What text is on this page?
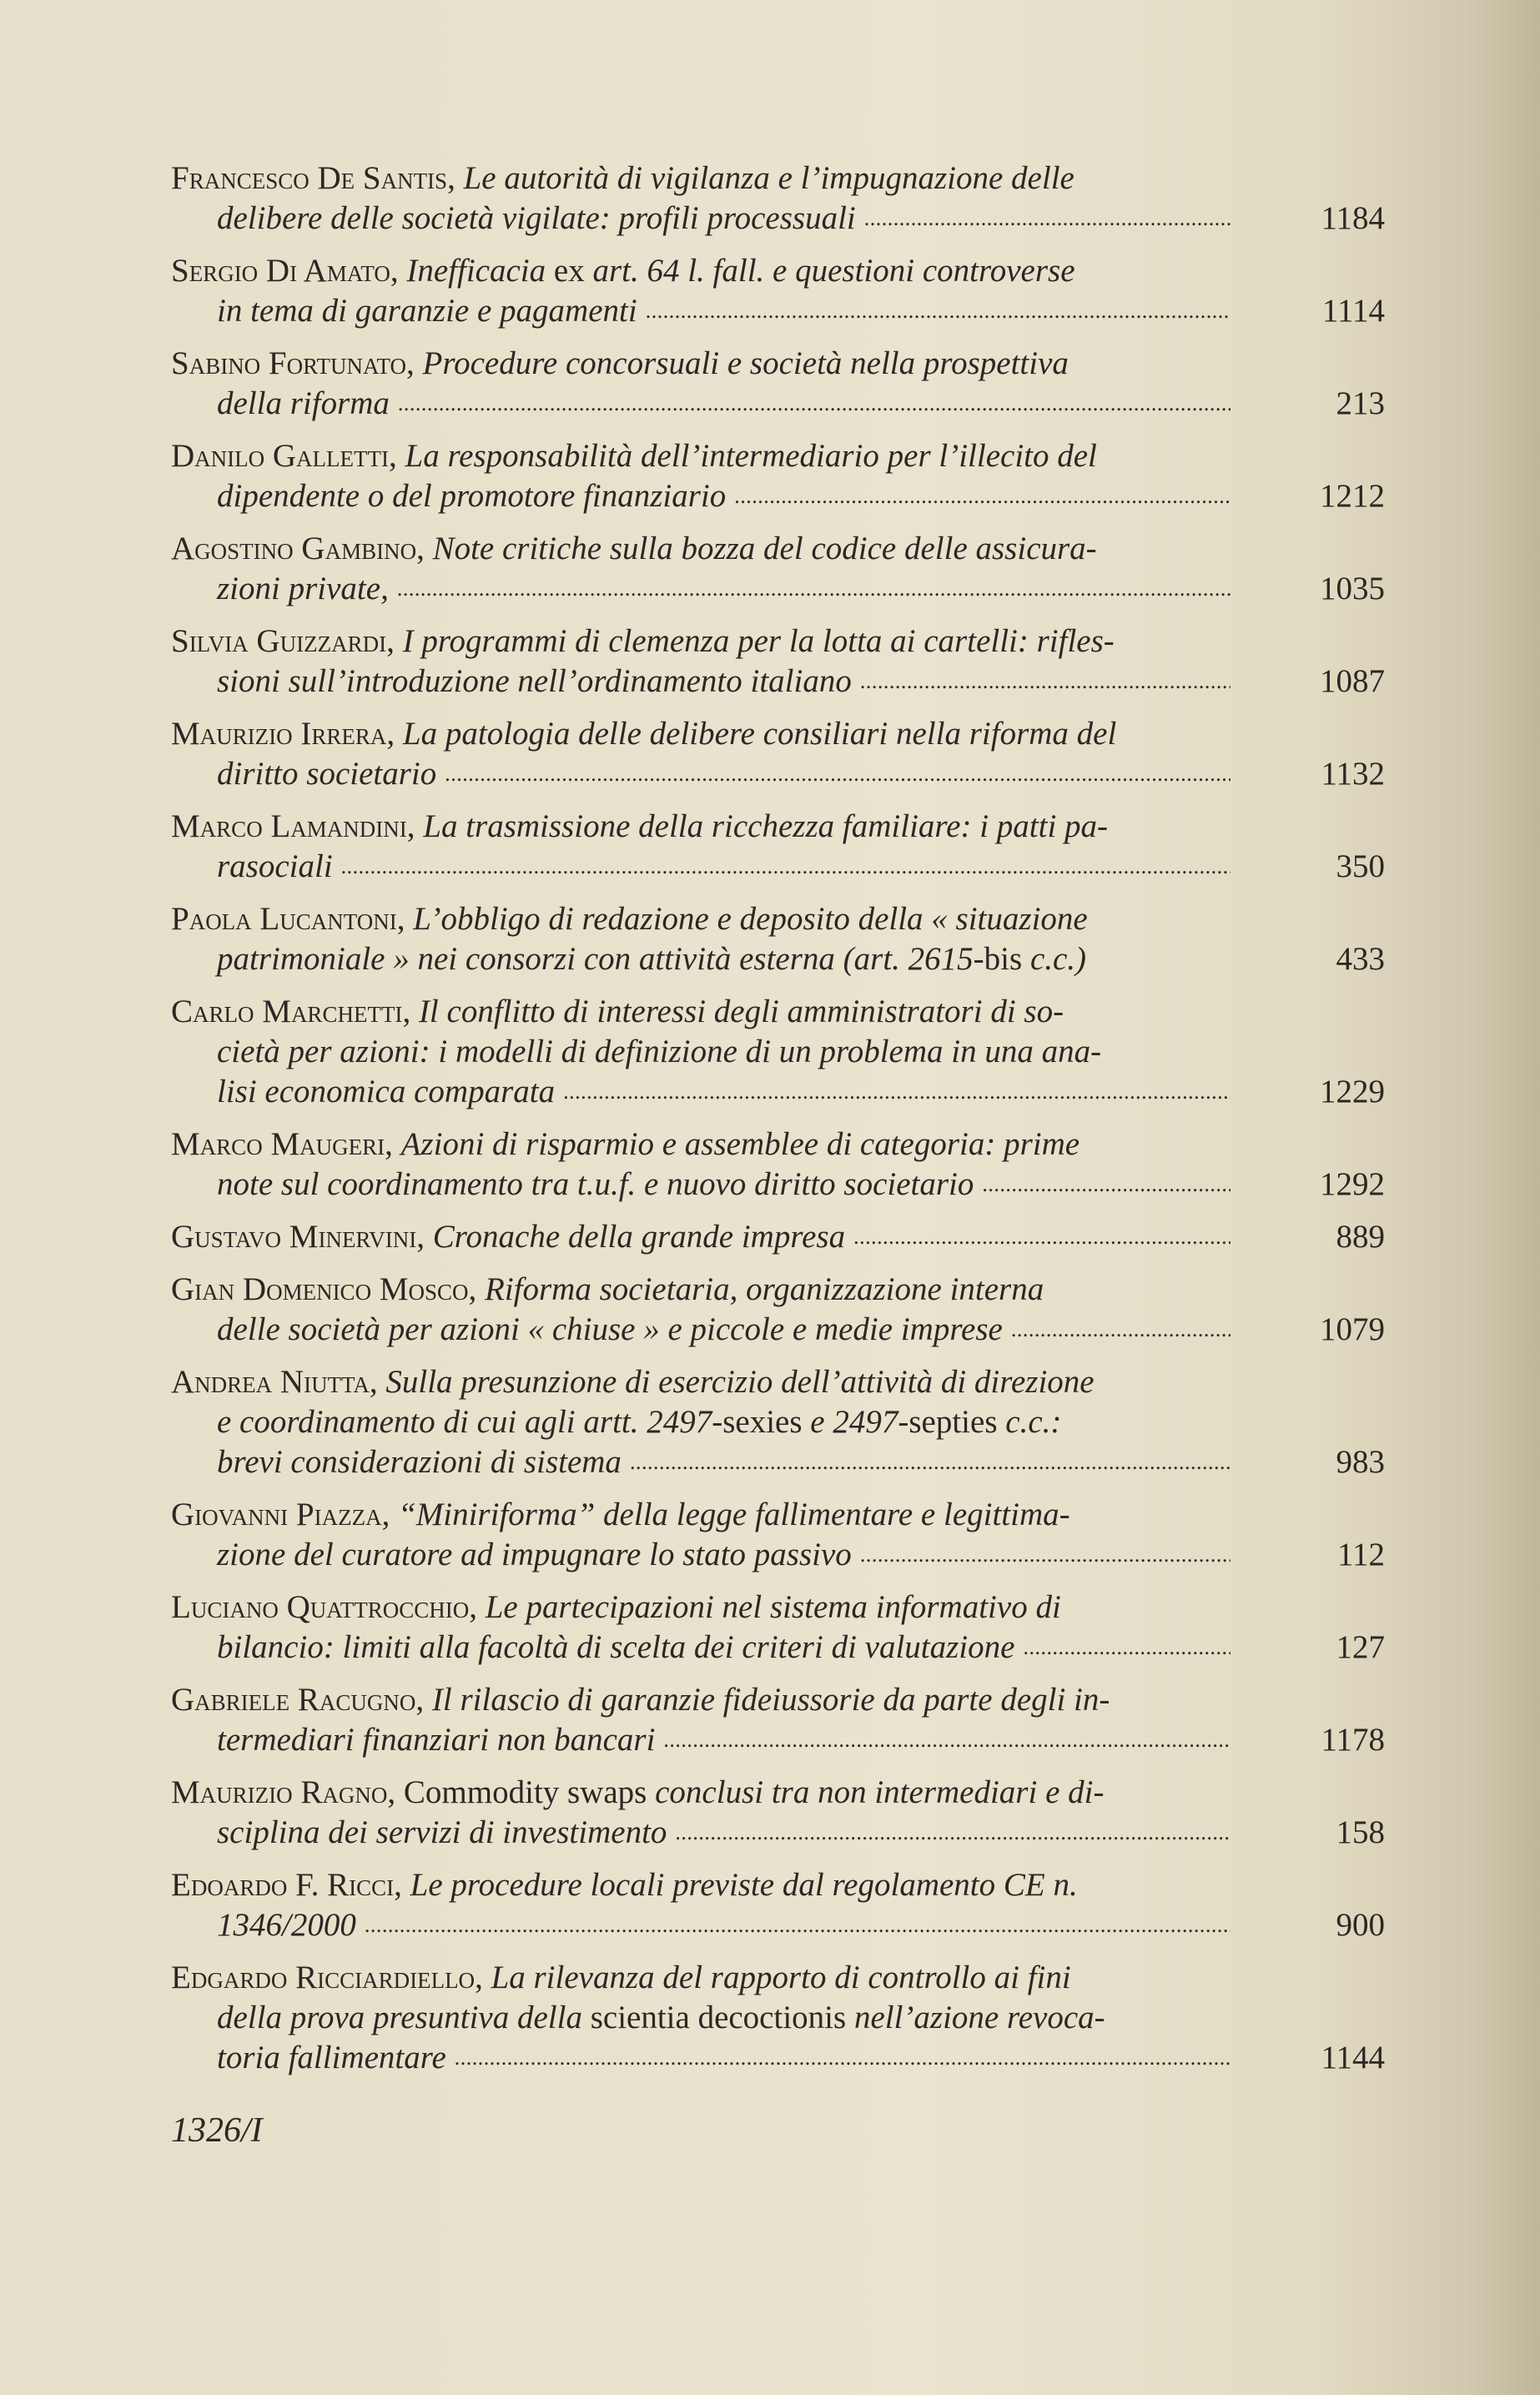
Francesco De Santis, Le autorità di vigilanza e l’impugnazione delle
delibere delle società vigilate: profili processuali . . .	1184
Sergio Di Amato, Inefficacia ex art. 64 l. fall. e questioni controverse
in tema di garanzie e pagamenti . . .	1114
Sabino Fortunato, Procedure concorsuali e società nella prospettiva
della riforma . . .	213
Danilo Galletti, La responsabilità dell’intermediario per l’illecito del
dipendente o del promotore finanziario . . .	1212
Agostino Gambino, Note critiche sulla bozza del codice delle assicura-
zioni private, . . .	1035
Silvia Guizzardi, I programmi di clemenza per la lotta ai cartelli: rifles-
sioni sull’introduzione nell’ordinamento italiano . . .	1087
Maurizio Irrera, La patologia delle delibere consiliari nella riforma del
diritto societario . . .	1132
Marco Lamandini, La trasmissione della ricchezza familiare: i patti pa-
rasociali . . .	350
Paola Lucantoni, L’obbligo di redazione e deposito della « situazione
patrimoniale » nei consorzi con attività esterna (art. 2615-bis c.c.)	433
Carlo Marchetti, Il conflitto di interessi degli amministratori di so-
cietà per azioni: i modelli di definizione di un problema in una ana-
lisi economica comparata . . .	1229
Marco Maugeri, Azioni di risparmio e assemblee di categoria: prime
note sul coordinamento tra t.u.f. e nuovo diritto societario . . .	1292
Gustavo Minervini, Cronache della grande impresa . . .	889
Gian Domenico Mosco, Riforma societaria, organizzazione interna
delle società per azioni « chiuse » e piccole e medie imprese . . .	1079
Andrea Niutta, Sulla presunzione di esercizio dell’attività di direzione
e coordinamento di cui agli artt. 2497-sexies e 2497-septies c.c.:
brevi considerazioni di sistema . . .	983
Giovanni Piazza, “Miniriforma” della legge fallimentare e legittima-
zione del curatore ad impugnare lo stato passivo . . .	112
Luciano Quattrocchio, Le partecipazioni nel sistema informativo di
bilancio: limiti alla facoltà di scelta dei criteri di valutazione . . .	127
Gabriele Racugno, Il rilascio di garanzie fideiussorie da parte degli in-
termediari finanziari non bancari . . .	1178
Maurizio Ragno, Commodity swaps conclusi tra non intermediari e di-
sciplina dei servizi di investimento . . .	158
Edoardo F. Ricci, Le procedure locali previste dal regolamento CE n.
1346/2000 . . .	900
Edgardo Ricciardiello, La rilevanza del rapporto di controllo ai fini
della prova presuntiva della scientia decoctionis nell’azione revoca-
toria fallimentare . . .	1144
1326/I
